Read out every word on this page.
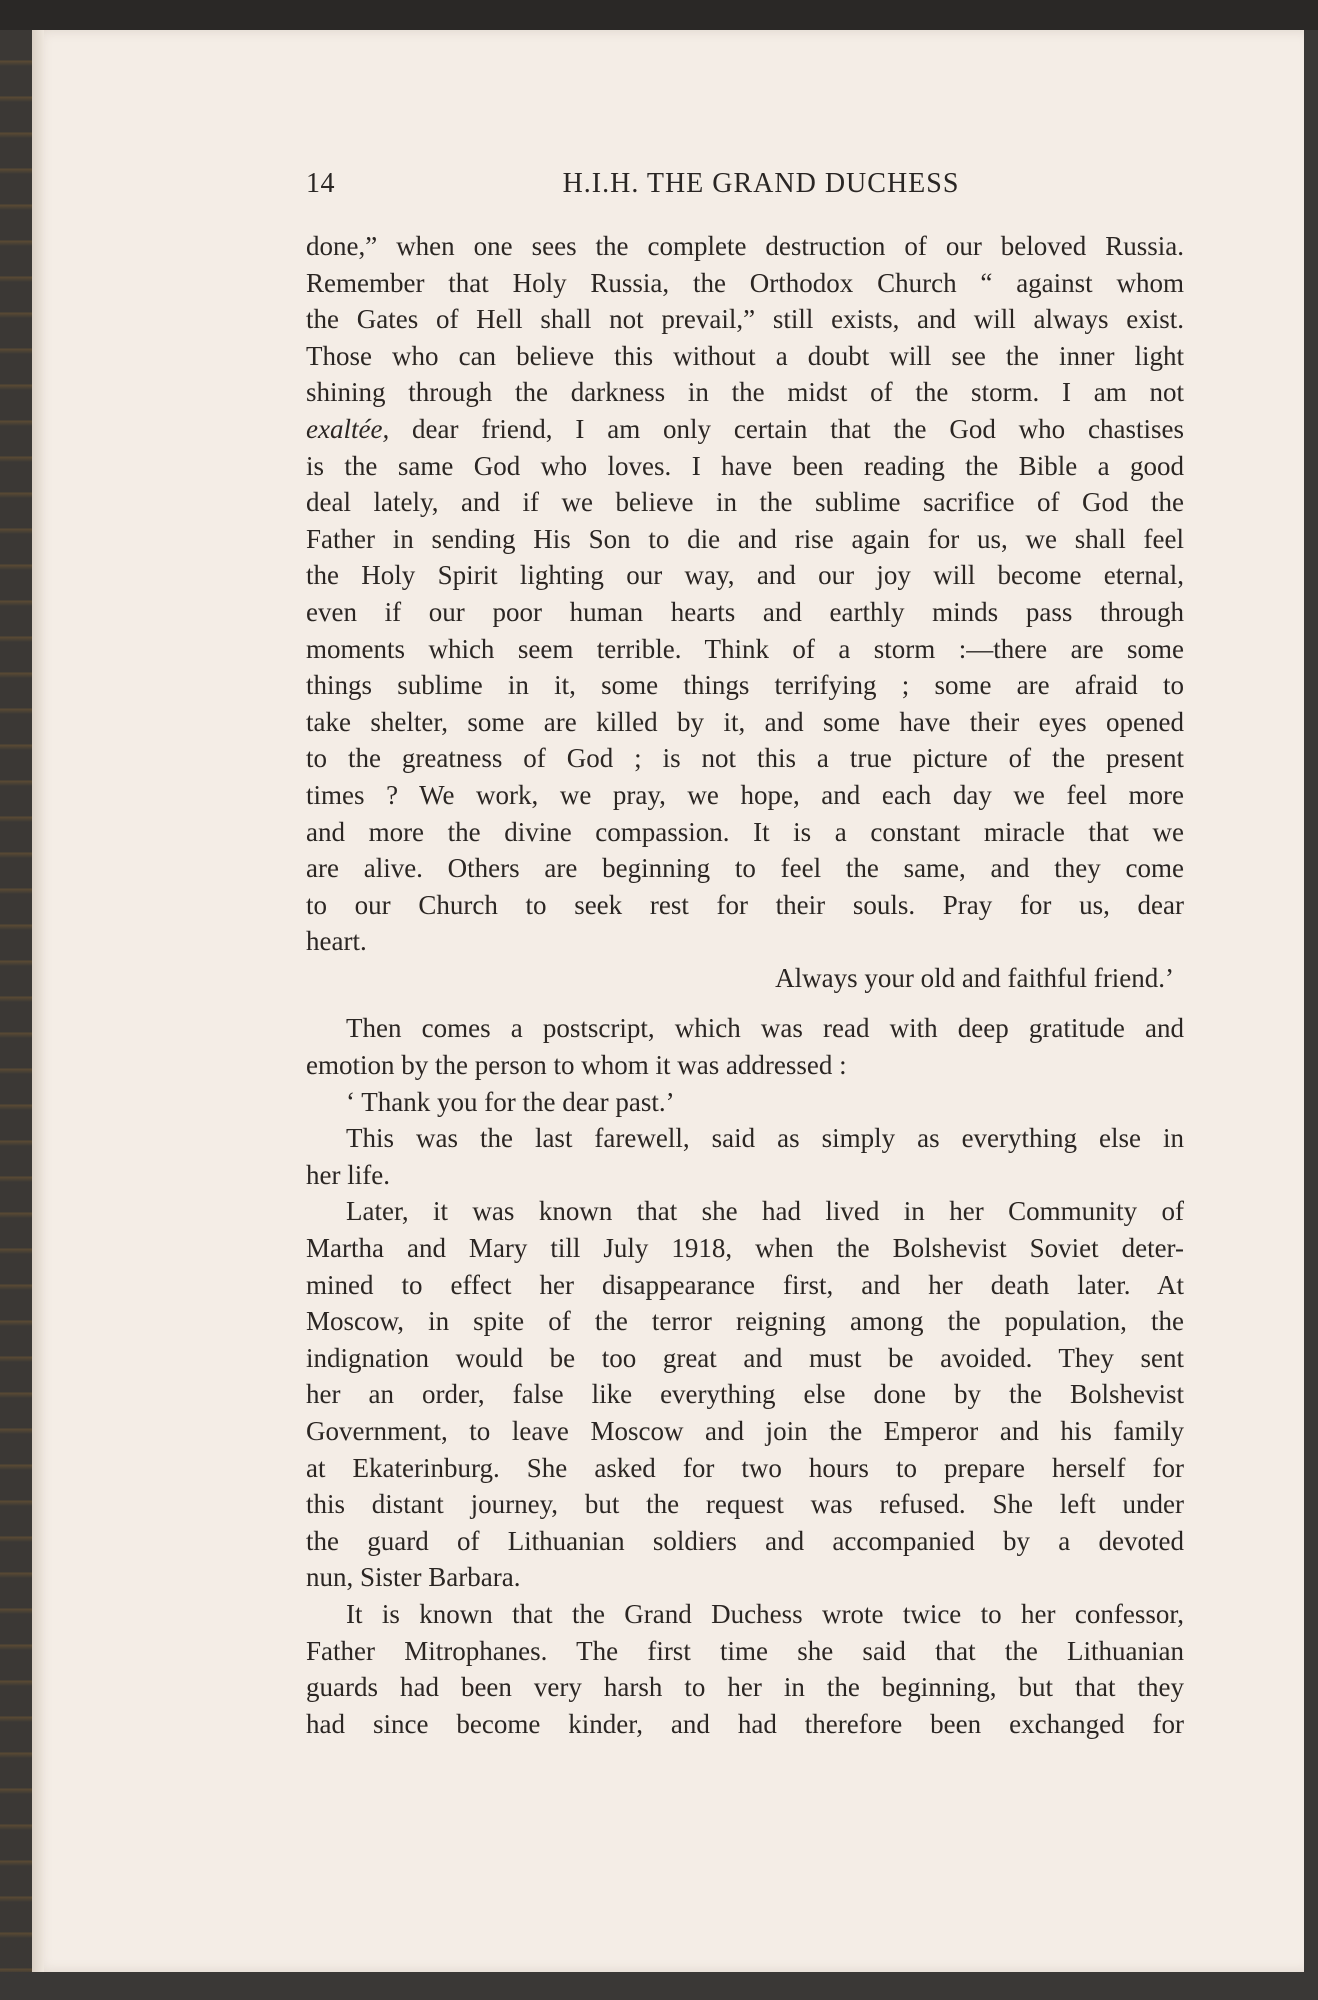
14	H.I.H. THE GRAND DUCHESS
done,” when one sees the complete destruction of our beloved Russia.
Remember that Holy Russia, the Orthodox Church “ against whom
the Gates of Hell shall not prevail,” still exists, and will always exist.
Those who can believe this without a doubt will see the inner light
shining through the darkness in the midst of the storm. I am not
exaltée, dear friend, I am only certain that the God who chastises
is the same God who loves. I have been reading the Bible a good
deal lately, and if we believe in the sublime sacrifice of God the
Father in sending His Son to die and rise again for us, we shall feel
the Holy Spirit lighting our way, and our joy will become eternal,
even if our poor human hearts and earthly minds pass through
moments which seem terrible. Think of a storm :—there are some
things sublime in it, some things terrifying ; some are afraid to
take shelter, some are killed by it, and some have their eyes opened
to the greatness of God ; is not this a true picture of the present
times ? We work, we pray, we hope, and each day we feel more
and more the divine compassion. It is a constant miracle that we
are alive. Others are beginning to feel the same, and they come
to our Church to seek rest for their souls. Pray for us, dear
heart.
Always your old and faithful friend.’
Then comes a postscript, which was read with deep gratitude and
emotion by the person to whom it was addressed :
‘ Thank you for the dear past.’
This was the last farewell, said as simply as everything else in
her life.
Later, it was known that she had lived in her Community of
Martha and Mary till July 1918, when the Bolshevist Soviet deter-
mined to effect her disappearance first, and her death later. At
Moscow, in spite of the terror reigning among the population, the
indignation would be too great and must be avoided. They sent
her an order, false like everything else done by the Bolshevist
Government, to leave Moscow and join the Emperor and his family
at Ekaterinburg. She asked for two hours to prepare herself for
this distant journey, but the request was refused. She left under
the guard of Lithuanian soldiers and accompanied by a devoted
nun, Sister Barbara.
It is known that the Grand Duchess wrote twice to her confessor,
Father Mitrophanes. The first time she said that the Lithuanian
guards had been very harsh to her in the beginning, but that they
had since become kinder, and had therefore been exchanged for
